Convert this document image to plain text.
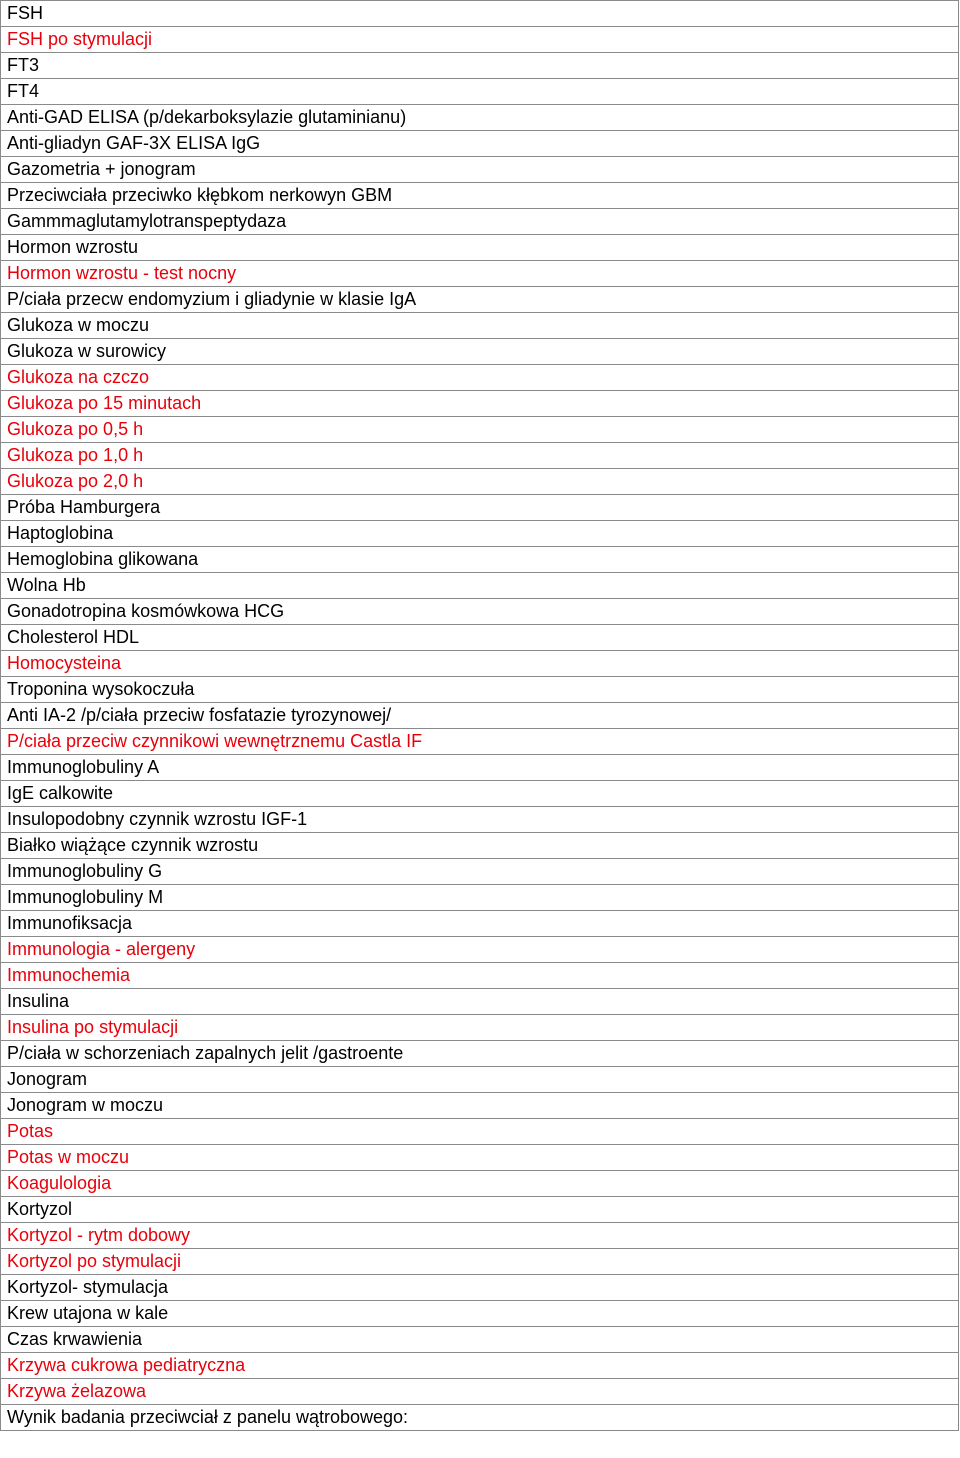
FSH
FSH po stymulacji
FT3
FT4
Anti-GAD ELISA (p/dekarboksylazie glutaminianu)
Anti-gliadyn GAF-3X ELISA IgG
Gazometria + jonogram
Przeciwciała przeciwko kłębkom nerkowyn GBM
Gammmaglutamylotranspeptydaza
Hormon wzrostu
Hormon wzrostu - test nocny
P/ciała przecw endomyzium i gliadynie w klasie IgA
Glukoza w moczu
Glukoza w surowicy
Glukoza na czczo
Glukoza po 15 minutach
Glukoza po 0,5 h
Glukoza po 1,0 h
Glukoza po 2,0 h
Próba Hamburgera
Haptoglobina
Hemoglobina glikowana
Wolna Hb
Gonadotropina kosmówkowa HCG
Cholesterol HDL
Homocysteina
Troponina wysokoczuła
Anti IA-2 /p/ciała przeciw fosfatazie tyrozynowej/
P/ciała przeciw czynnikowi wewnętrznemu Castla IF
Immunoglobuliny A
IgE calkowite
Insulopodobny czynnik wzrostu IGF-1
Białko wiążące czynnik wzrostu
Immunoglobuliny G
Immunoglobuliny M
Immunofiksacja
Immunologia - alergeny
Immunochemia
Insulina
Insulina po stymulacji
P/ciała w schorzeniach zapalnych jelit /gastroente
Jonogram
Jonogram w moczu
Potas
Potas w moczu
Koagulologia
Kortyzol
Kortyzol - rytm dobowy
Kortyzol po stymulacji
Kortyzol- stymulacja
Krew utajona w kale
Czas krwawienia
Krzywa cukrowa pediatryczna
Krzywa żelazowa
Wynik badania przeciwciał z panelu wątrobowego:
